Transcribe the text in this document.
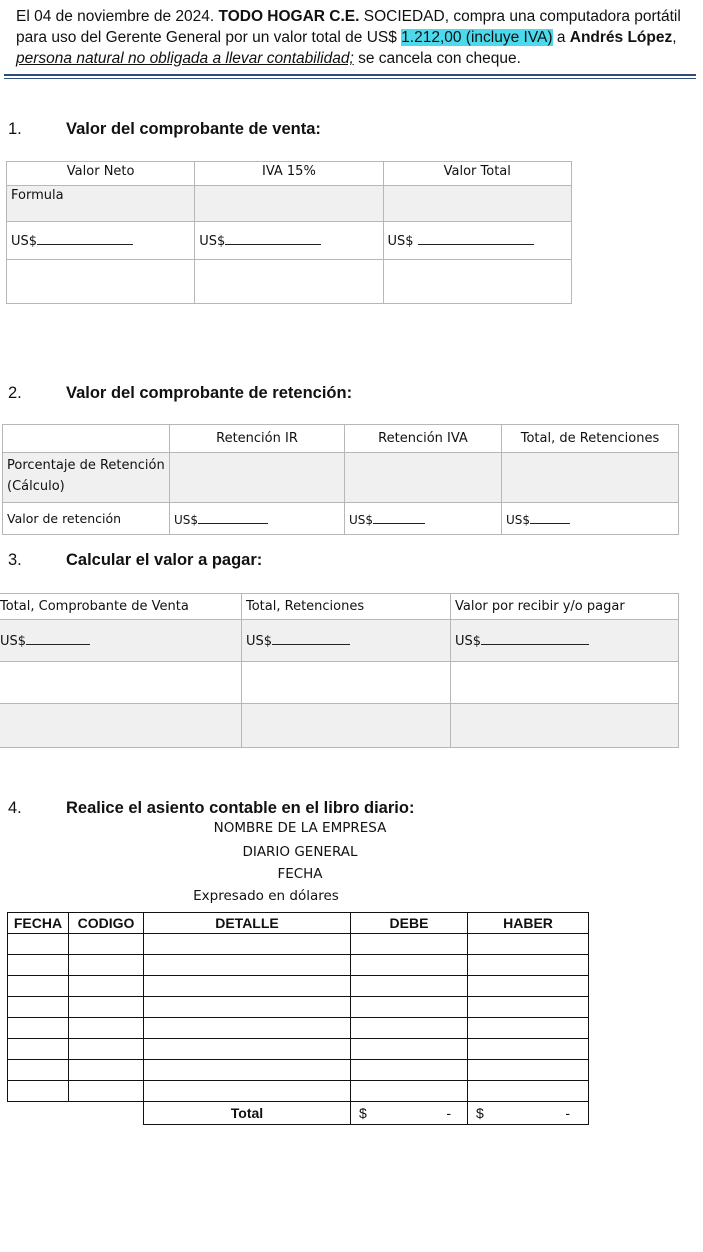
El 04 de noviembre de 2024. TODO HOGAR C.E. SOCIEDAD, compra una computadora portátil para uso del Gerente General por un valor total de US$ 1.212,00 (incluye IVA) a Andrés López, persona natural no obligada a llevar contabilidad; se cancela con cheque.
1.	Valor del comprobante de venta:
Valor Neto	IVA 15%	Valor Total
Formula		
US$	US$	US$

2.	Valor del comprobante de retención:
	Retención IR	Retención IVA	Total, de Retenciones
Porcentaje de Retención (Cálculo)			
Valor de retención	US$	US$	US$
3.	Calcular el valor a pagar:
Total, Comprobante de Venta	Total, Retenciones	Valor por recibir y/o pagar
US$	US$	US$

4.	Realice el asiento contable en el libro diario:
NOMBRE DE LA EMPRESA
DIARIO GENERAL
FECHA
Expresado en dólares
FECHA	CODIGO	DETALLE	DEBE	HABER

		Total	$ -	$ -
